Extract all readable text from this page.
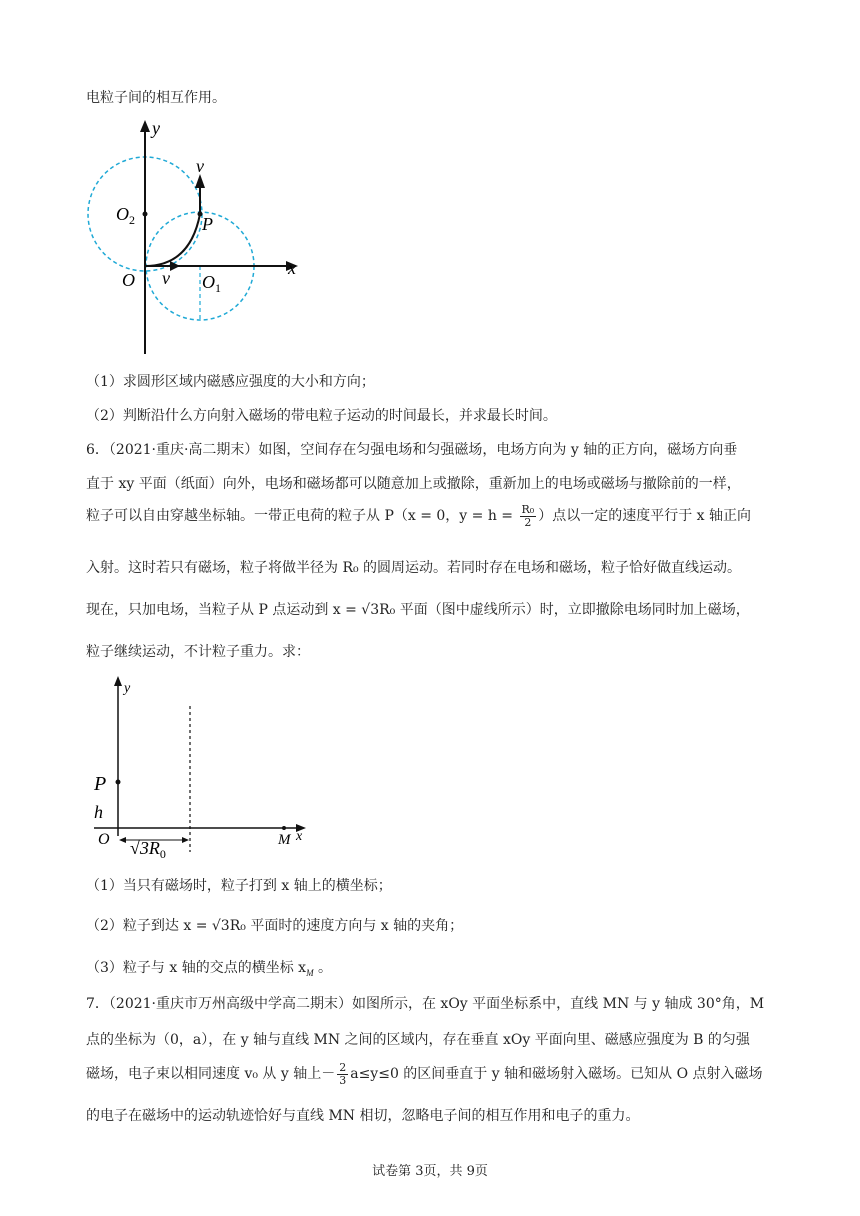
电粒子间的相互作用。
y
x
O
$O_2$
$O_1$
P
v
v
（1）求圆形区域内磁感应强度的大小和方向；
（2）判断沿什么方向射入磁场的带电粒子运动的时间最长，并求最长时间。
6．（2021·重庆·高二期末）如图，空间存在匀强电场和匀强磁场，电场方向为 y 轴的正方向，磁场方向垂
直于 xy 平面（纸面）向外，电场和磁场都可以随意加上或撤除，重新加上的电场或磁场与撤除前的一样，
粒子可以自由穿越坐标轴。一带正电荷的粒子从 P（x = 0，$y = h = \frac{\text{R₀}}{2}$ ）点以一定的速度平行于 x 轴正向
入射。这时若只有磁场，粒子将做半径为 R₀ 的圆周运动。若同时存在电场和磁场，粒子恰好做直线运动。
现在，只加电场，当粒子从 P 点运动到 x = √3R₀ 平面（图中虚线所示）时，立即撤除电场同时加上磁场，
粒子继续运动，不计粒子重力。求：
y
x
P
h
O	M
$√3R_0$
（1）当只有磁场时，粒子打到 x 轴上的横坐标；
（2）粒子到达 x = √3R₀ 平面时的速度方向与 x 轴的夹角；
（3）粒子与 x 轴的交点的横坐标 $x_M$ 。
7．（2021·重庆市万州高级中学高二期末）如图所示，在 xOy 平面坐标系中，直线 MN 与 y 轴成 30°角，M
点的坐标为（0，a），在 y 轴与直线 MN 之间的区域内，存在垂直 xOy 平面向里、磁感应强度为 B 的匀强
磁场，电子束以相同速度 v₀ 从 y 轴上－ $\frac{2}{3} a\le y\le 0$ 的区间垂直于 y 轴和磁场射入磁场。已知从 O 点射入磁场
的电子在磁场中的运动轨迹恰好与直线 MN 相切，忽略电子间的相互作用和电子的重力。
试卷第 3页，共 9页
